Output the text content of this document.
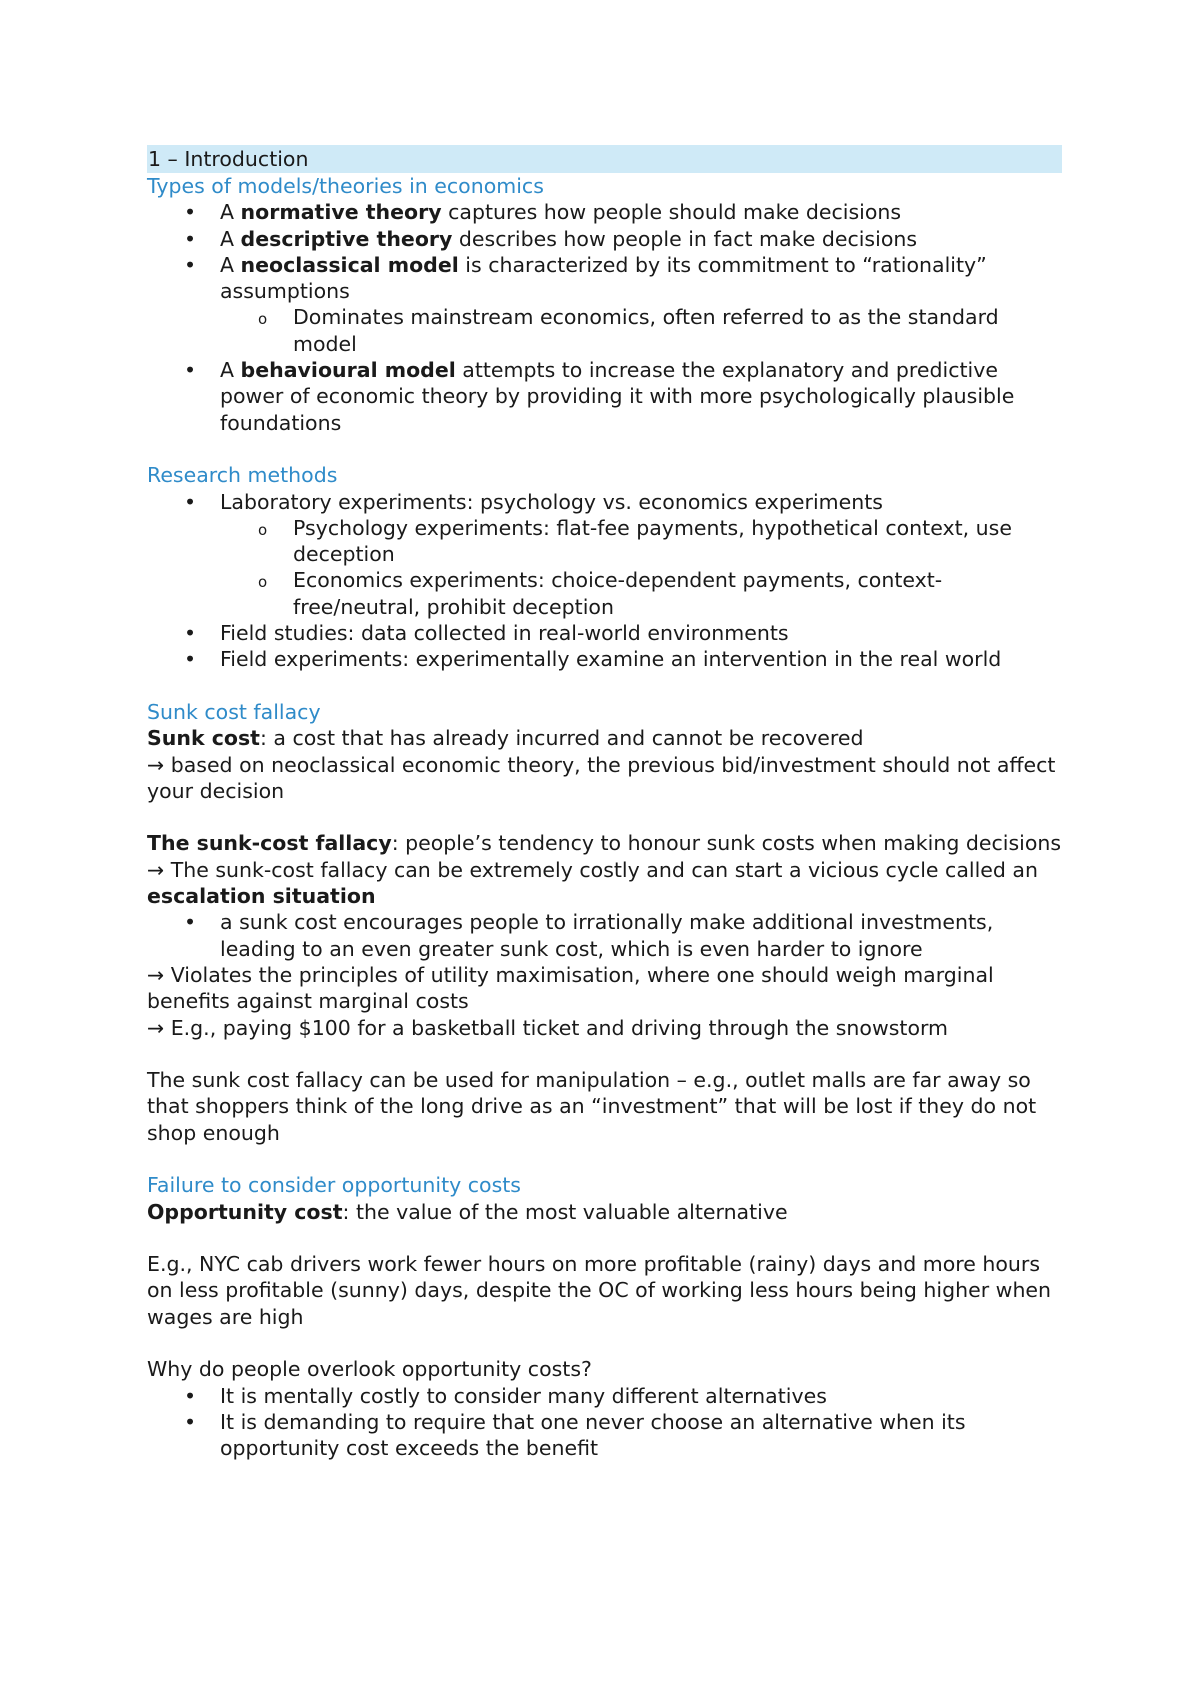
1 – Introduction
Types of models/theories in economics
• A normative theory captures how people should make decisions
• A descriptive theory describes how people in fact make decisions
• A neoclassical model is characterized by its commitment to “rationality” assumptions
o Dominates mainstream economics, often referred to as the standard model
• A behavioural model attempts to increase the explanatory and predictive power of economic theory by providing it with more psychologically plausible foundations
Research methods
• Laboratory experiments: psychology vs. economics experiments
o Psychology experiments: flat-fee payments, hypothetical context, use deception
o Economics experiments: choice-dependent payments, context-free/neutral, prohibit deception
• Field studies: data collected in real-world environments
• Field experiments: experimentally examine an intervention in the real world
Sunk cost fallacy

Sunk cost: a cost that has already incurred and cannot be recovered

→ based on neoclassical economic theory, the previous bid/investment should not affect your decision

The sunk-cost fallacy: people’s tendency to honour sunk costs when making decisions

→ The sunk-cost fallacy can be extremely costly and can start a vicious cycle called an

escalation situation

• a sunk cost encourages people to irrationally make additional investments, leading to an even greater sunk cost, which is even harder to ignore

→ Violates the principles of utility maximisation, where one should weigh marginal benefits against marginal costs

→ E.g., paying $100 for a basketball ticket and driving through the snowstorm

The sunk cost fallacy can be used for manipulation – e.g., outlet malls are far away so that shoppers think of the long drive as an “investment” that will be lost if they do not shop enough

Failure to consider opportunity costs

Opportunity cost: the value of the most valuable alternative

E.g., NYC cab drivers work fewer hours on more profitable (rainy) days and more hours on less profitable (sunny) days, despite the OC of working less hours being higher when wages are high

Why do people overlook opportunity costs?

• It is mentally costly to consider many different alternatives
• It is demanding to require that one never choose an alternative when its opportunity cost exceeds the benefit
